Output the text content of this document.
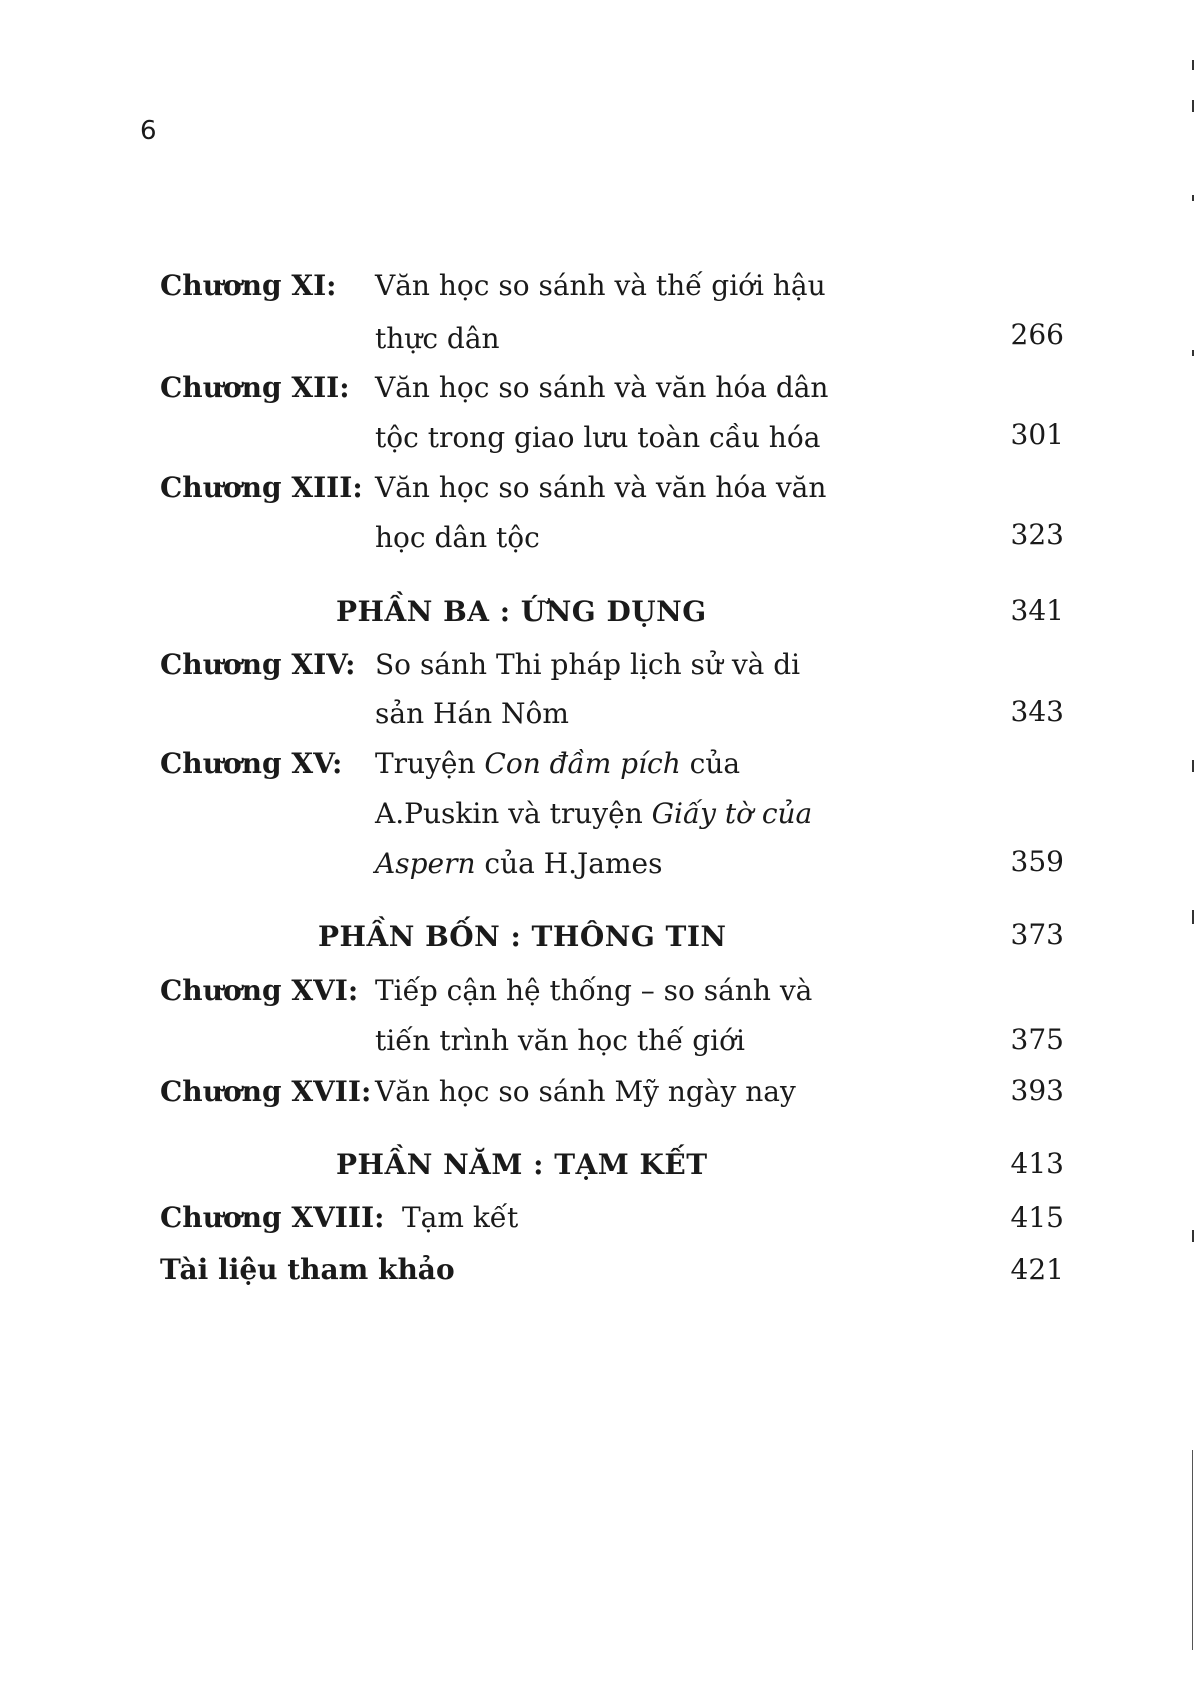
6
Chương XI: Văn học so sánh và thế giới hậu
thực dân	266
Chương XII: Văn học so sánh và văn hóa dân
tộc trong giao lưu toàn cầu hóa	301
Chương XIII: Văn học so sánh và văn hóa văn
học dân tộc	323
PHẦN BA : ỨNG DỤNG	341
Chương XIV: So sánh Thi pháp lịch sử và di
sản Hán Nôm	343
Chương XV: Truyện Con đầm pích của
A.Puskin và truyện Giấy tờ của
Aspern của H.James	359
PHẦN BỐN : THÔNG TIN	373
Chương XVI: Tiếp cận hệ thống – so sánh và
tiến trình văn học thế giới	375
Chương XVII: Văn học so sánh Mỹ ngày nay	393
PHẦN NĂM : TẠM KẾT	413
Chương XVIII: Tạm kết	415
Tài liệu tham khảo	421
